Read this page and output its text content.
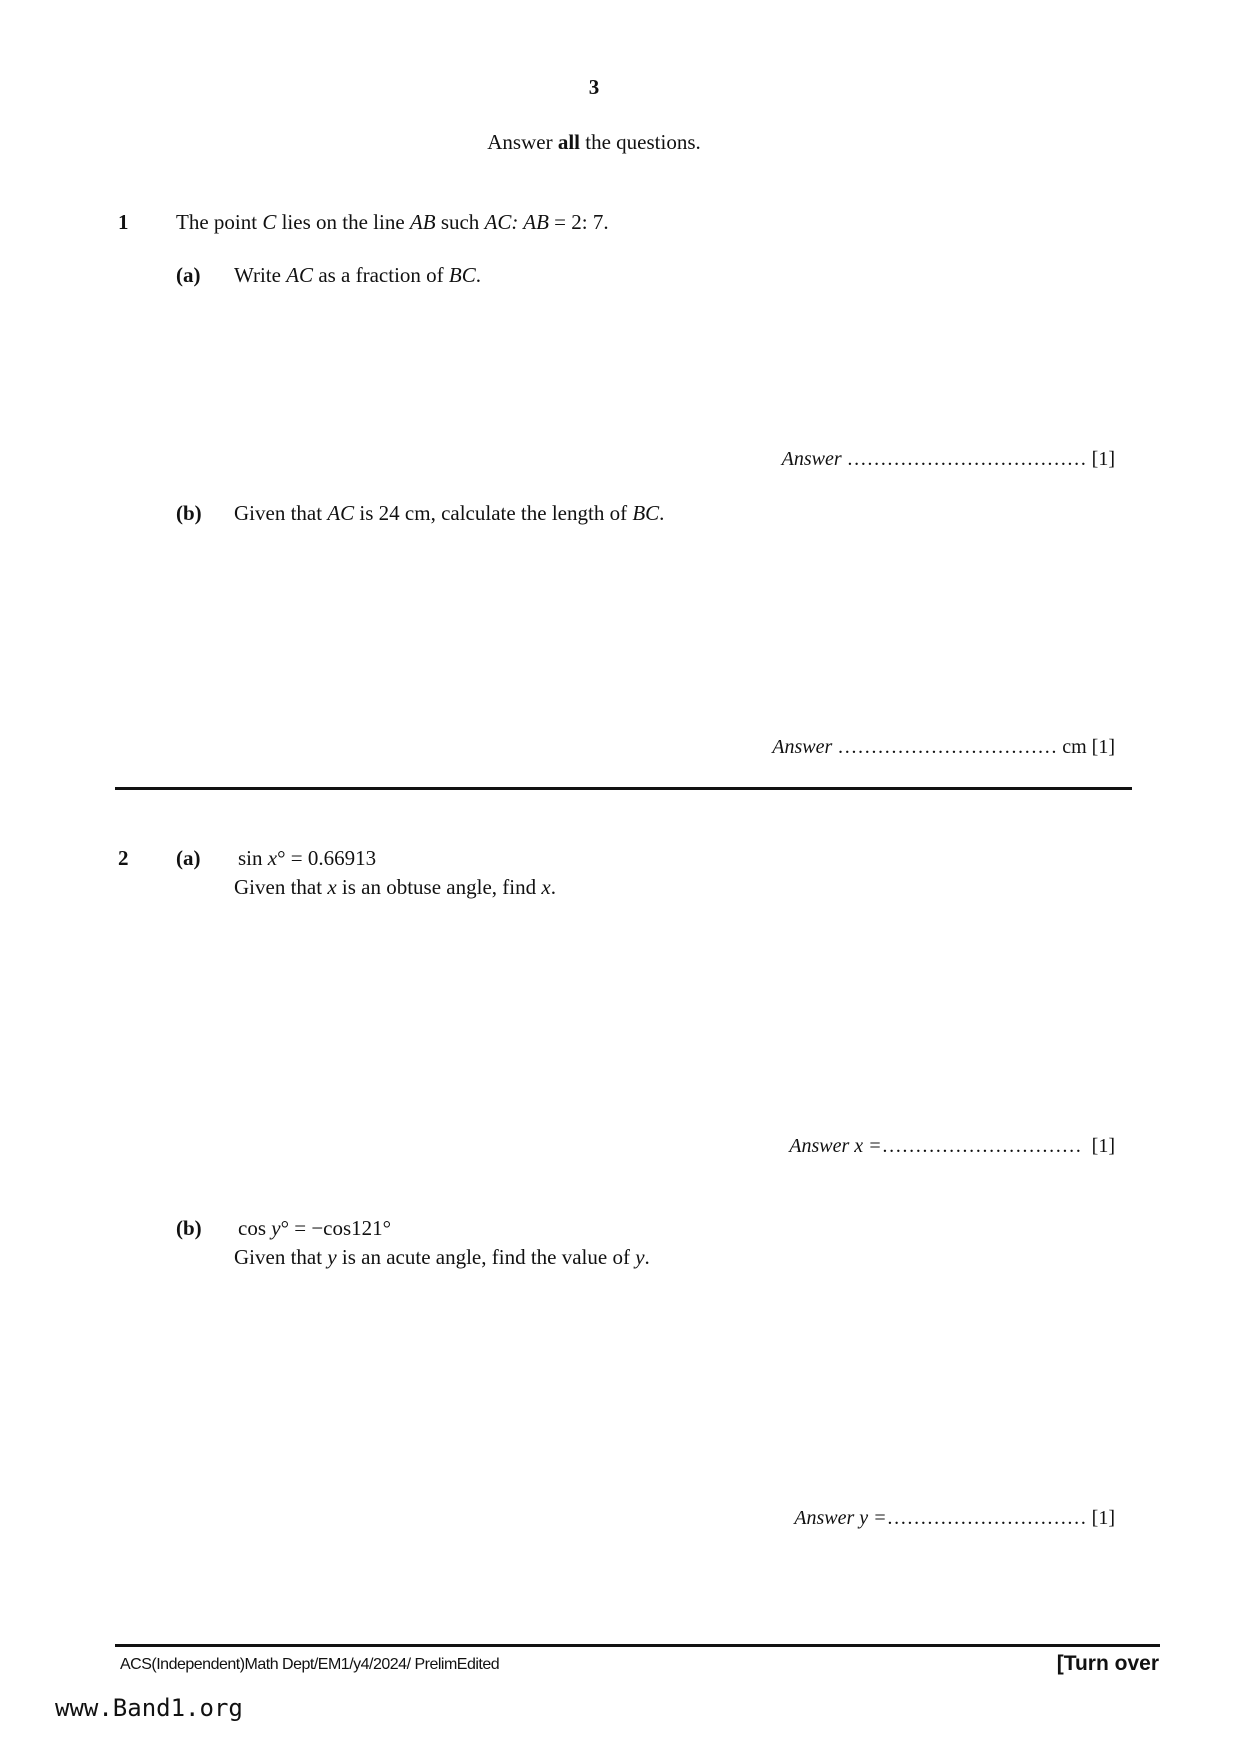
3
Answer all the questions.
1 The point C lies on the line AB such AC: AB = 2: 7.
(a) Write AC as a fraction of BC.
Answer ……………………………… [1]
(b) Given that AC is 24 cm, calculate the length of BC.
Answer …………………………… cm [1]
2 (a) sin x° = 0.66913
Given that x is an obtuse angle, find x.
Answer x =………………………… [1]
(b) cos y° = −cos121°
Given that y is an acute angle, find the value of y.
Answer y =………………………… [1]
ACS(Independent)Math Dept/EM1/y4/2024/ PrelimEdited	[Turn over
www.Band1.org
